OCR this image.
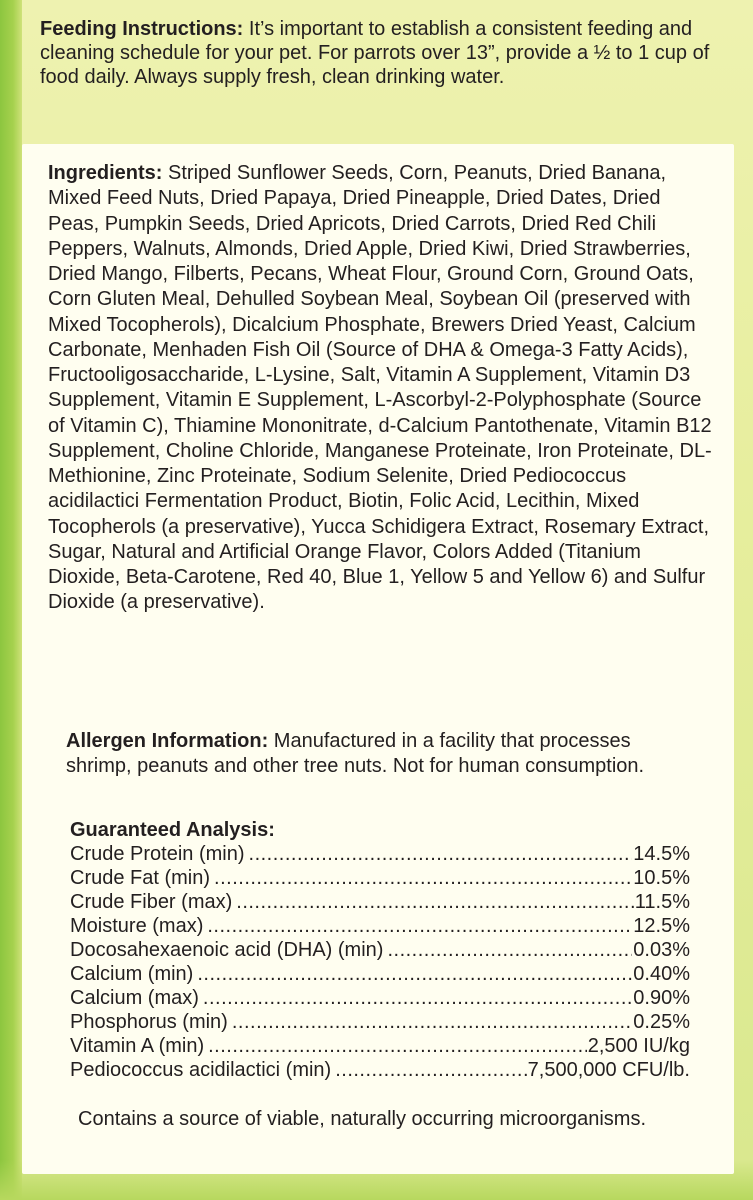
Feeding Instructions: It’s important to establish a consistent feeding and cleaning schedule for your pet. For parrots over 13”, provide a ½ to 1 cup of food daily. Always supply fresh, clean drinking water.
Ingredients: Striped Sunflower Seeds, Corn, Peanuts, Dried Banana, Mixed Feed Nuts, Dried Papaya, Dried Pineapple, Dried Dates, Dried Peas, Pumpkin Seeds, Dried Apricots, Dried Carrots, Dried Red Chili Peppers, Walnuts, Almonds, Dried Apple, Dried Kiwi, Dried Strawberries, Dried Mango, Filberts, Pecans, Wheat Flour, Ground Corn, Ground Oats, Corn Gluten Meal, Dehulled Soybean Meal, Soybean Oil (preserved with Mixed Tocopherols), Dicalcium Phosphate, Brewers Dried Yeast, Calcium Carbonate, Menhaden Fish Oil (Source of DHA & Omega-3 Fatty Acids), Fructooligosaccharide, L-Lysine, Salt, Vitamin A Supplement, Vitamin D3 Supplement, Vitamin E Supplement, L-Ascorbyl-2-Polyphosphate (Source of Vitamin C), Thiamine Mononitrate, d-Calcium Pantothenate, Vitamin B12 Supplement, Choline Chloride, Manganese Proteinate, Iron Proteinate, DL-Methionine, Zinc Proteinate, Sodium Selenite, Dried Pediococcus acidilactici Fermentation Product, Biotin, Folic Acid, Lecithin, Mixed Tocopherols (a preservative), Yucca Schidigera Extract, Rosemary Extract, Sugar, Natural and Artificial Orange Flavor, Colors Added (Titanium Dioxide, Beta-Carotene, Red 40, Blue 1, Yellow 5 and Yellow 6) and Sulfur Dioxide (a preservative).
Allergen Information: Manufactured in a facility that processes shrimp, peanuts and other tree nuts. Not for human consumption.
Guaranteed Analysis:
Crude Protein (min) .....	14.5%
Crude Fat (min) .....	10.5%
Crude Fiber (max) .....	11.5%
Moisture (max) .....	12.5%
Docosahexaenoic acid (DHA) (min) .....	0.03%
Calcium (min) .....	0.40%
Calcium (max) .....	0.90%
Phosphorus (min) .....	0.25%
Vitamin A (min) .....	2,500 IU/kg
Pediococcus acidilactici (min) .....	7,500,000 CFU/lb.
Contains a source of viable, naturally occurring microorganisms.
